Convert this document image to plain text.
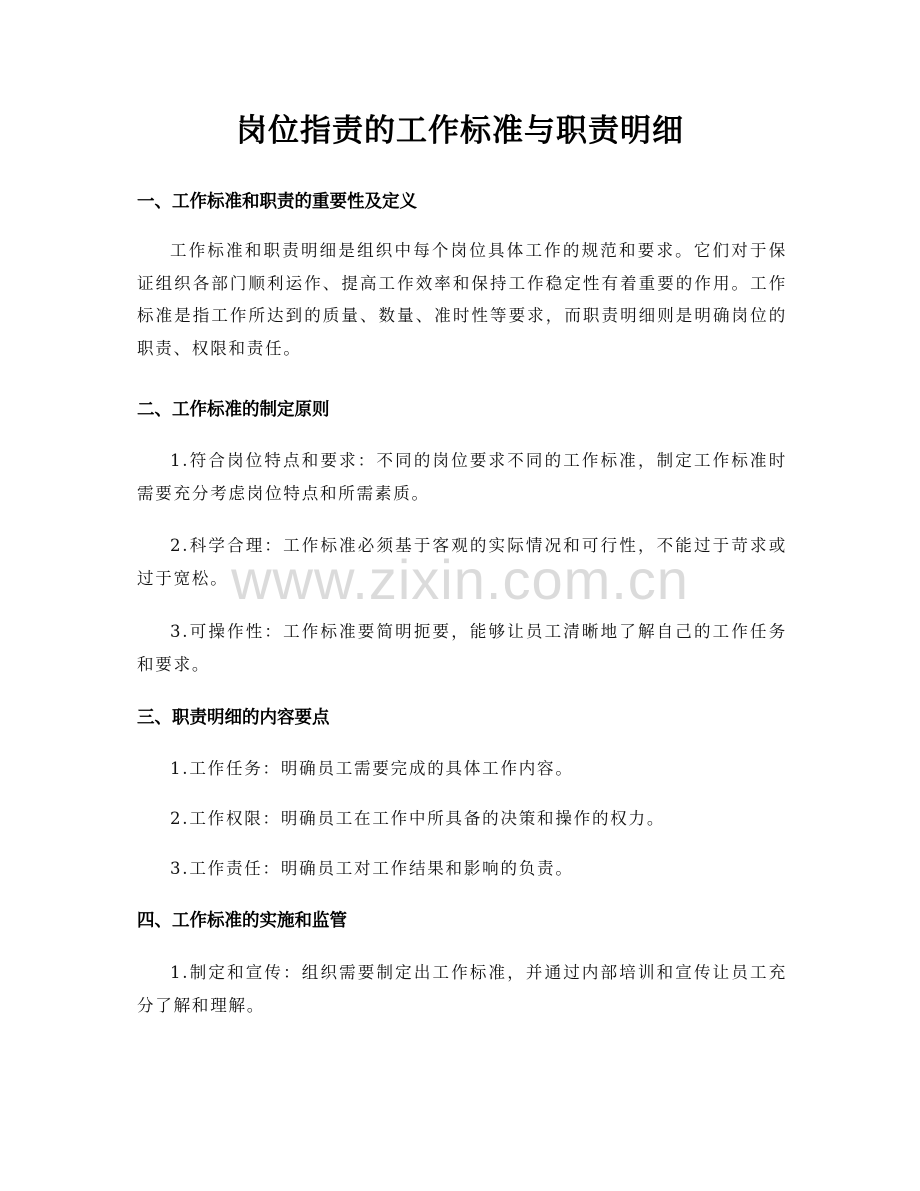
岗位指责的工作标准与职责明细
一、工作标准和职责的重要性及定义

工作标准和职责明细是组织中每个岗位具体工作的规范和要求。它们对于保证组织各部门顺利运作、提高工作效率和保持工作稳定性有着重要的作用。工作标准是指工作所达到的质量、数量、准时性等要求，而职责明细则是明确岗位的职责、权限和责任。

二、工作标准的制定原则

1.符合岗位特点和要求：不同的岗位要求不同的工作标准，制定工作标准时需要充分考虑岗位特点和所需素质。

2.科学合理：工作标准必须基于客观的实际情况和可行性，不能过于苛求或过于宽松。

3.可操作性：工作标准要简明扼要，能够让员工清晰地了解自己的工作任务和要求。

三、职责明细的内容要点

1.工作任务：明确员工需要完成的具体工作内容。

2.工作权限：明确员工在工作中所具备的决策和操作的权力。

3.工作责任：明确员工对工作结果和影响的负责。

四、工作标准的实施和监管

1.制定和宣传：组织需要制定出工作标准，并通过内部培训和宣传让员工充分了解和理解。

www.zixin.com.cn
